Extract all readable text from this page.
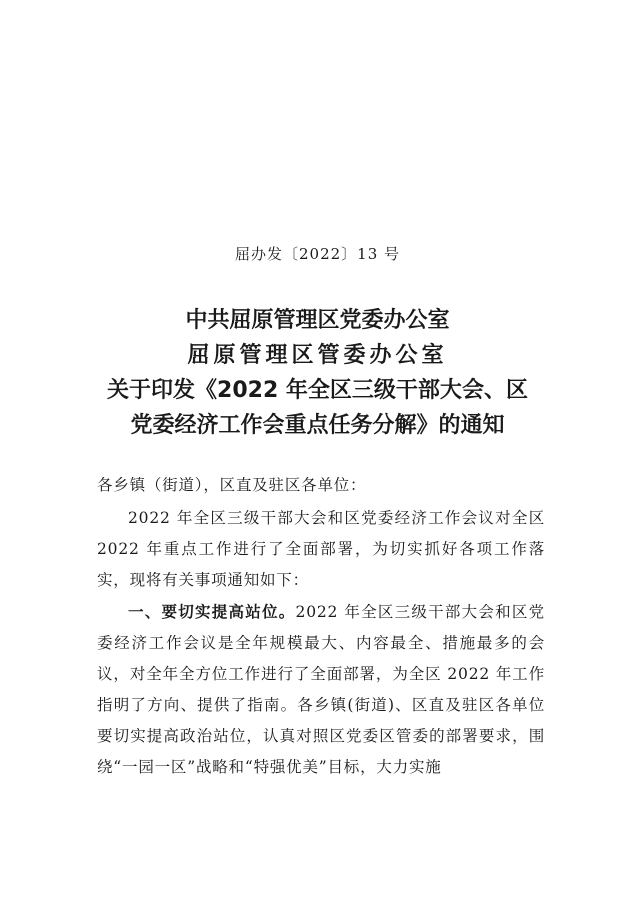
屈办发〔2022〕13 号
中共屈原管理区党委办公室
屈原管理区管委办公室
关于印发《2022 年全区三级干部大会、区
党委经济工作会重点任务分解》的通知
各乡镇（街道），区直及驻区各单位：
2022 年全区三级干部大会和区党委经济工作会议对全区 2022 年重点工作进行了全面部署，为切实抓好各项工作落实，现将有关事项通知如下：
一、要切实提高站位。2022 年全区三级干部大会和区党委经济工作会议是全年规模最大、内容最全、措施最多的会议，对全年全方位工作进行了全面部署，为全区 2022 年工作指明了方向、提供了指南。各乡镇(街道)、区直及驻区各单位要切实提高政治站位，认真对照区党委区管委的部署要求，围绕“一园一区”战略和“特强优美”目标，大力实施
